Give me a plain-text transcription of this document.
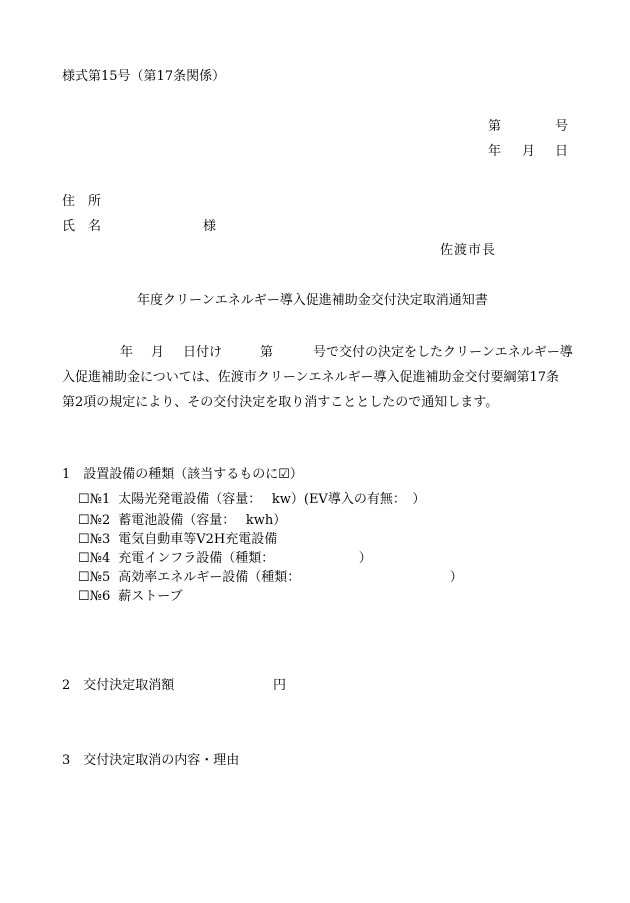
様式第15号（第17条関係）
第	号
年 月 日
住　所
氏　名	様
佐渡市長
年度クリーンエネルギー導入促進補助金交付決定取消通知書
年 月 日付け	第	号で交付の決定をしたクリーンエネルギー導
入促進補助金については、佐渡市クリーンエネルギー導入促進補助金交付要綱第17条
第2項の規定により、その交付決定を取り消すこととしたので通知します。
1　設置設備の種類（該当するものに☑）
☐№1 太陽光発電設備（容量：　 kw）(EV導入の有無：　）
☐№2 蓄電池設備（容量：　 kwh）
☐№3 電気自動車等V2H充電設備
☐№4 充電インフラ設備（種類：　　　　　　　）
☐№5 高効率エネルギー設備（種類：　　　　　　　　　　　　）
☐№6 薪ストーブ
2　交付決定取消額	円
3　交付決定取消の内容・理由
